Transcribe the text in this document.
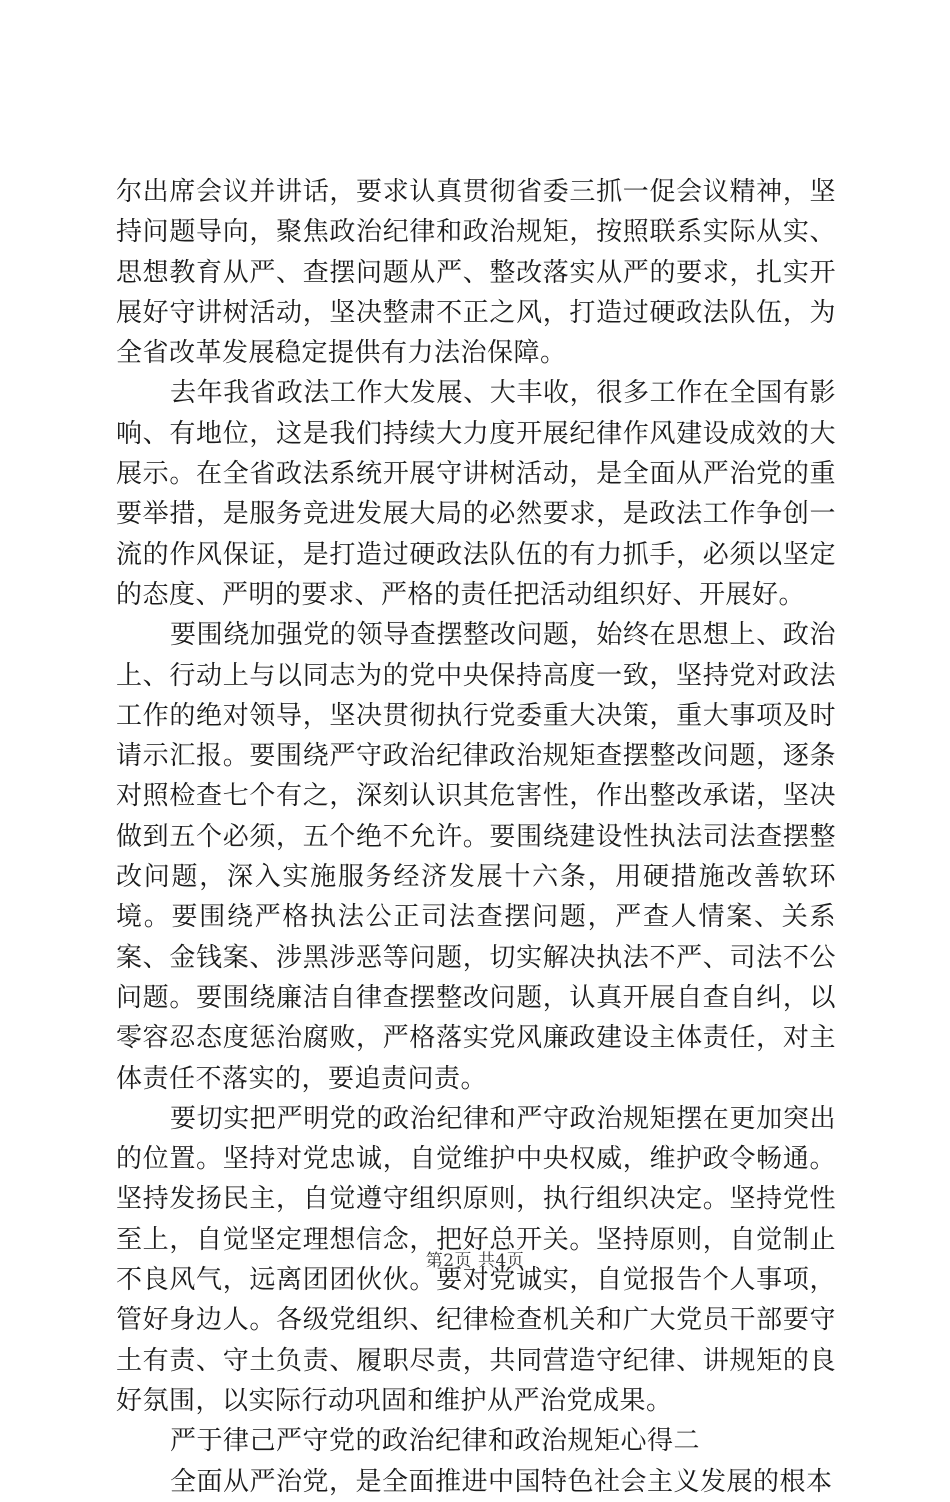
尔出席会议并讲话，要求认真贯彻省委三抓一促会议精神，坚持问题导向，聚焦政治纪律和政治规矩，按照联系实际从实、思想教育从严、查摆问题从严、整改落实从严的要求，扎实开展好守讲树活动，坚决整肃不正之风，打造过硬政法队伍，为全省改革发展稳定提供有力法治保障。

去年我省政法工作大发展、大丰收，很多工作在全国有影响、有地位，这是我们持续大力度开展纪律作风建设成效的大展示。在全省政法系统开展守讲树活动，是全面从严治党的重要举措，是服务竞进发展大局的必然要求，是政法工作争创一流的作风保证，是打造过硬政法队伍的有力抓手，必须以坚定的态度、严明的要求、严格的责任把活动组织好、开展好。

要围绕加强党的领导查摆整改问题，始终在思想上、政治上、行动上与以同志为的党中央保持高度一致，坚持党对政法工作的绝对领导，坚决贯彻执行党委重大决策，重大事项及时请示汇报。要围绕严守政治纪律政治规矩查摆整改问题，逐条对照检查七个有之，深刻认识其危害性，作出整改承诺，坚决做到五个必须，五个绝不允许。要围绕建设性执法司法查摆整改问题，深入实施服务经济发展十六条，用硬措施改善软环境。要围绕严格执法公正司法查摆问题，严查人情案、关系案、金钱案、涉黑涉恶等问题，切实解决执法不严、司法不公问题。要围绕廉洁自律查摆整改问题，认真开展自查自纠，以零容忍态度惩治腐败，严格落实党风廉政建设主体责任，对主体责任不落实的，要追责问责。

要切实把严明党的政治纪律和严守政治规矩摆在更加突出的位置。坚持对党忠诚，自觉维护中央权威，维护政令畅通。坚持发扬民主，自觉遵守组织原则，执行组织决定。坚持党性至上，自觉坚定理想信念，把好总开关。坚持原则，自觉制止不良风气，远离团团伙伙。要对党诚实，自觉报告个人事项，管好身边人。各级党组织、纪律检查机关和广大党员干部要守土有责、守土负责、履职尽责，共同营造守纪律、讲规矩的良好氛围，以实际行动巩固和维护从严治党成果。

严于律己严守党的政治纪律和政治规矩心得二

全面从严治党，是全面推进中国特色社会主义发展的根本

第2页 共4页
